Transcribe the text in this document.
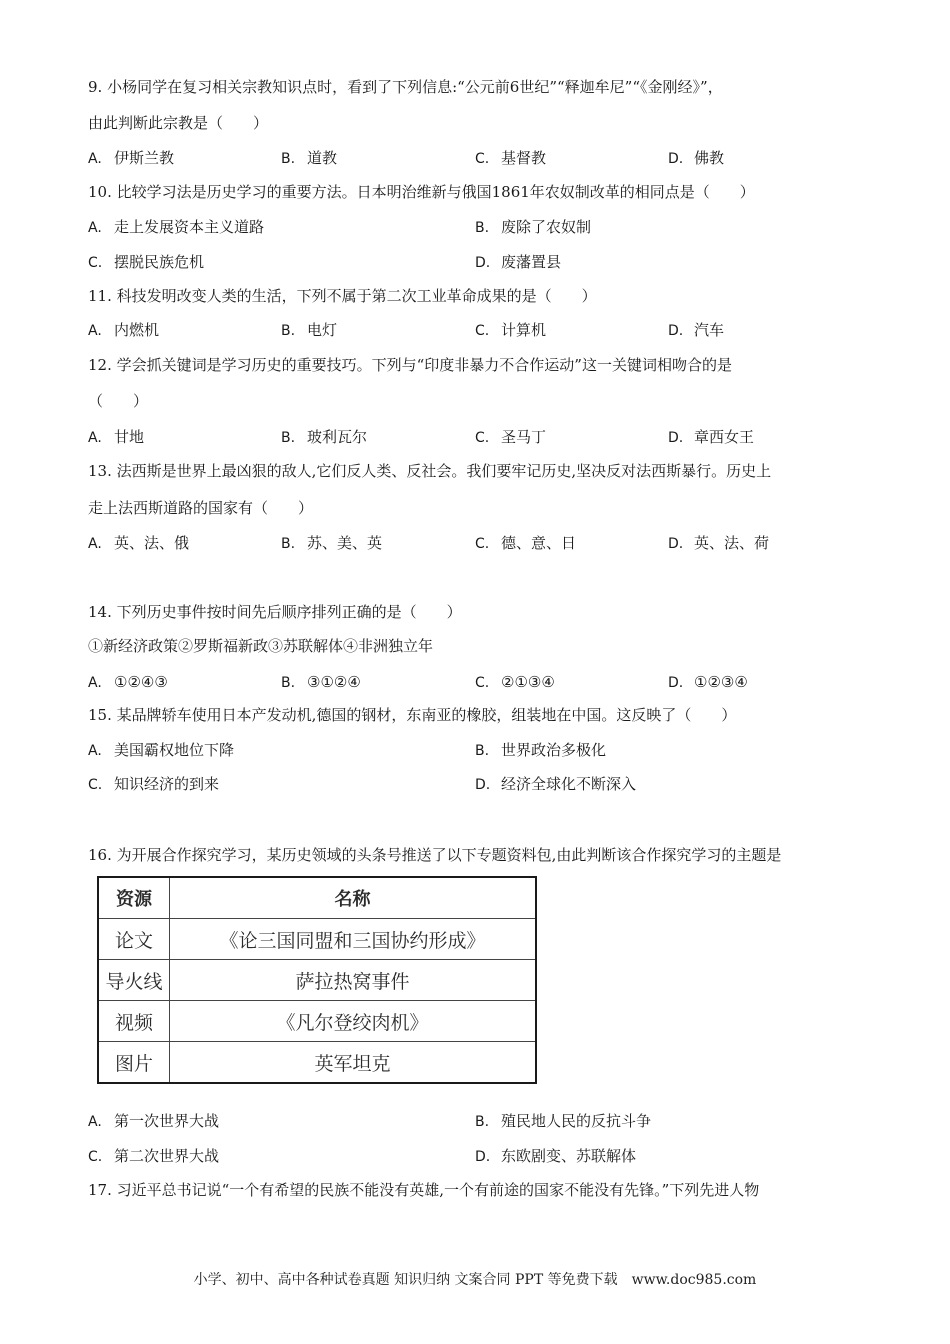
9. 小杨同学在复习相关宗教知识点时，看到了下列信息:“公元前6世纪”“释迦牟尼”“《金刚经》”，
由此判断此宗教是（　　）
A. 伊斯兰教	B. 道教	C. 基督教	D. 佛教
10. 比较学习法是历史学习的重要方法。日本明治维新与俄国1861年农奴制改革的相同点是（　　）
A. 走上发展资本主义道路	B. 废除了农奴制
C. 摆脱民族危机	D. 废藩置县
11. 科技发明改变人类的生活，下列不属于第二次工业革命成果的是（　　）
A. 内燃机	B. 电灯	C. 计算机	D. 汽车
12. 学会抓关键词是学习历史的重要技巧。下列与“印度非暴力不合作运动”这一关键词相吻合的是
（　　）
A. 甘地	B. 玻利瓦尔	C. 圣马丁	D. 章西女王
13. 法西斯是世界上最凶狠的敌人,它们反人类、反社会。我们要牢记历史,坚决反对法西斯暴行。历史上
走上法西斯道路的国家有（　　）
A. 英、法、俄	B. 苏、美、英	C. 德、意、日	D. 英、法、荷
14. 下列历史事件按时间先后顺序排列正确的是（　　）
①新经济政策②罗斯福新政③苏联解体④非洲独立年
A. ①②④③	B. ③①②④	C. ②①③④	D. ①②③④
15. 某品牌轿车使用日本产发动机,德国的钢材，东南亚的橡胶，组装地在中国。这反映了（　　）
A. 美国霸权地位下降	B. 世界政治多极化
C. 知识经济的到来	D. 经济全球化不断深入
16. 为开展合作探究学习，某历史领域的头条号推送了以下专题资料包,由此判断该合作探究学习的主题是
资源	名称
论文	《论三国同盟和三国协约形成》
导火线	萨拉热窝事件
视频	《凡尔登绞肉机》
图片	英军坦克
A. 第一次世界大战	B. 殖民地人民的反抗斗争
C. 第二次世界大战	D. 东欧剧变、苏联解体
17. 习近平总书记说“一个有希望的民族不能没有英雄,一个有前途的国家不能没有先锋。”下列先进人物
小学、初中、高中各种试卷真题 知识归纳 文案合同 PPT 等免费下载　www.doc985.com
